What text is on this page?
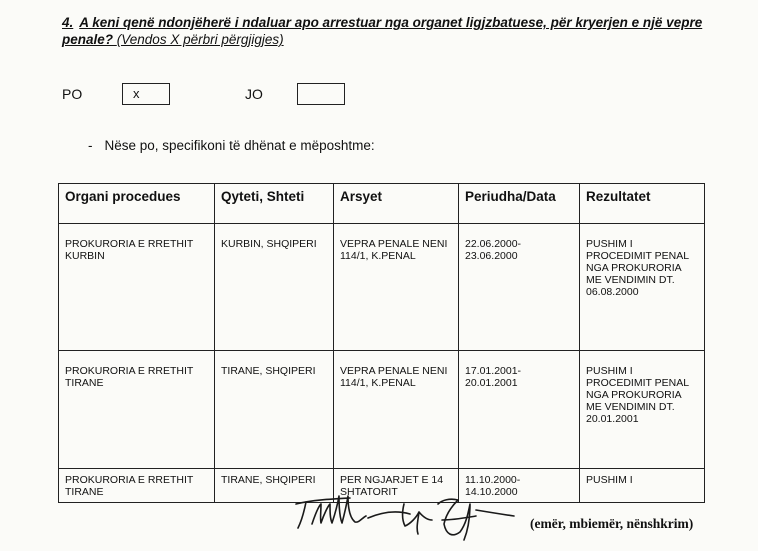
4. A keni qenë ndonjëherë i ndaluar apo arrestuar nga organet ligjzbatuese, për kryerjen e një vepre penale? (Vendos X përbri përgjigjes)
PO	x	JO
- Nëse po, specifikoni të dhënat e mëposhtme:
Organi procedues	Qyteti, Shteti	Arsyet	Periudha/Data	Rezultatet
PROKURORIA E RRETHIT KURBIN	KURBIN, SHQIPERI	VEPRA PENALE NENI 114/1, K.PENAL	22.06.2000- 23.06.2000	PUSHIM I PROCEDIMIT PENAL NGA PROKURORIA ME VENDIMIN DT. 06.08.2000
PROKURORIA E RRETHIT TIRANE	TIRANE, SHQIPERI	VEPRA PENALE NENI 114/1, K.PENAL	17.01.2001- 20.01.2001	PUSHIM I PROCEDIMIT PENAL NGA PROKURORIA ME VENDIMIN DT. 20.01.2001
PROKURORIA E RRETHIT TIRANE	TIRANE, SHQIPERI	PER NGJARJET E 14 SHTATORIT	11.10.2000- 14.10.2000	PUSHIM I
(emër, mbiemër, nënshkrim)
